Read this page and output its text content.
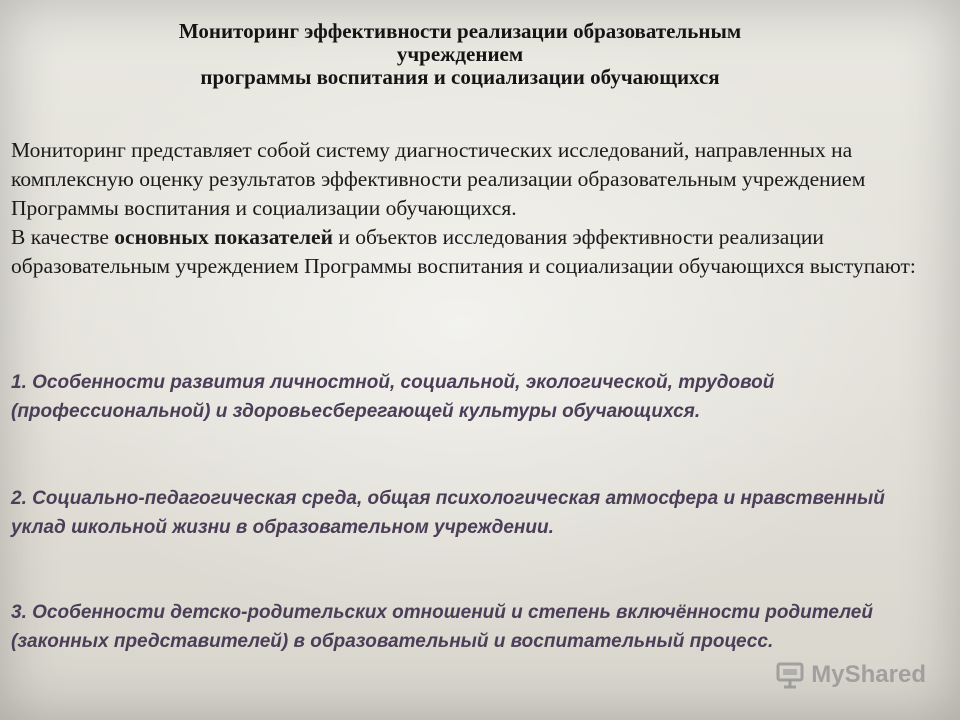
Мониторинг эффективности реализации образовательным
учреждением
программы воспитания и социализации обучающихся

Мониторинг представляет собой систему диагностических исследований, направленных на комплексную оценку результатов эффективности реализации образовательным учреждением Программы воспитания и социализации обучающихся.

В качестве основных показателей и объектов исследования эффективности реализации образовательным учреждением Программы воспитания и социализации обучающихся выступают:

1. Особенности развития личностной, социальной, экологической, трудовой (профессиональной) и здоровьесберегающей культуры обучающихся.

2. Социально-педагогическая среда, общая психологическая атмосфера и нравственный уклад школьной жизни в образовательном учреждении.

3. Особенности детско-родительских отношений и степень включённости родителей (законных представителей) в образовательный и воспитательный процесс.

MyShared
